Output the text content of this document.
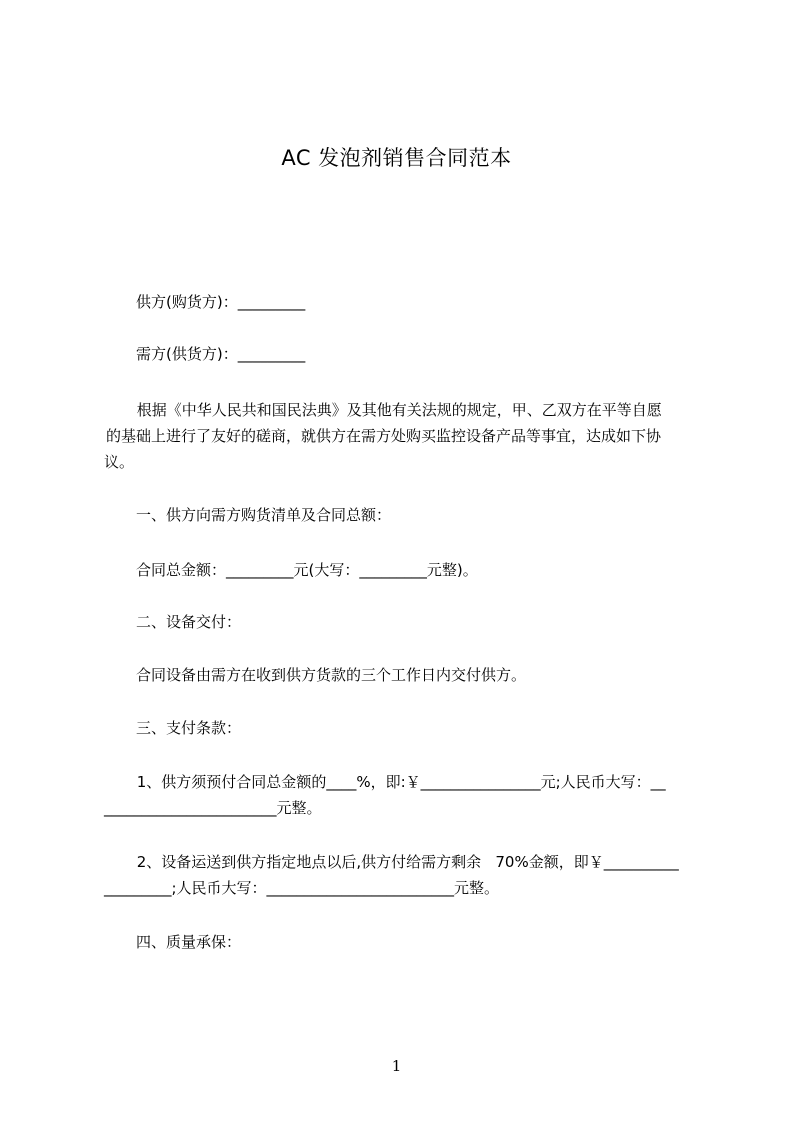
AC 发泡剂销售合同范本
供方(购货方)：_________
需方(供货方)：_________
根据《中华人民共和国民法典》及其他有关法规的规定，甲、乙双方在平等自愿
的基础上进行了友好的磋商，就供方在需方处购买监控设备产品等事宜，达成如下协
议。
一、供方向需方购货清单及合同总额：
合同总金额：_________元(大写：_________元整)。
二、设备交付：
合同设备由需方在收到供方货款的三个工作日内交付供方。
三、支付条款：
1、供方须预付合同总金额的____%，即:￥________________元;人民币大写：__
_______________________元整。
2、设备运送到供方指定地点以后,供方付给需方剩余   70%金额，即￥__________
_________;人民币大写：_________________________元整。
四、质量承保：
1
